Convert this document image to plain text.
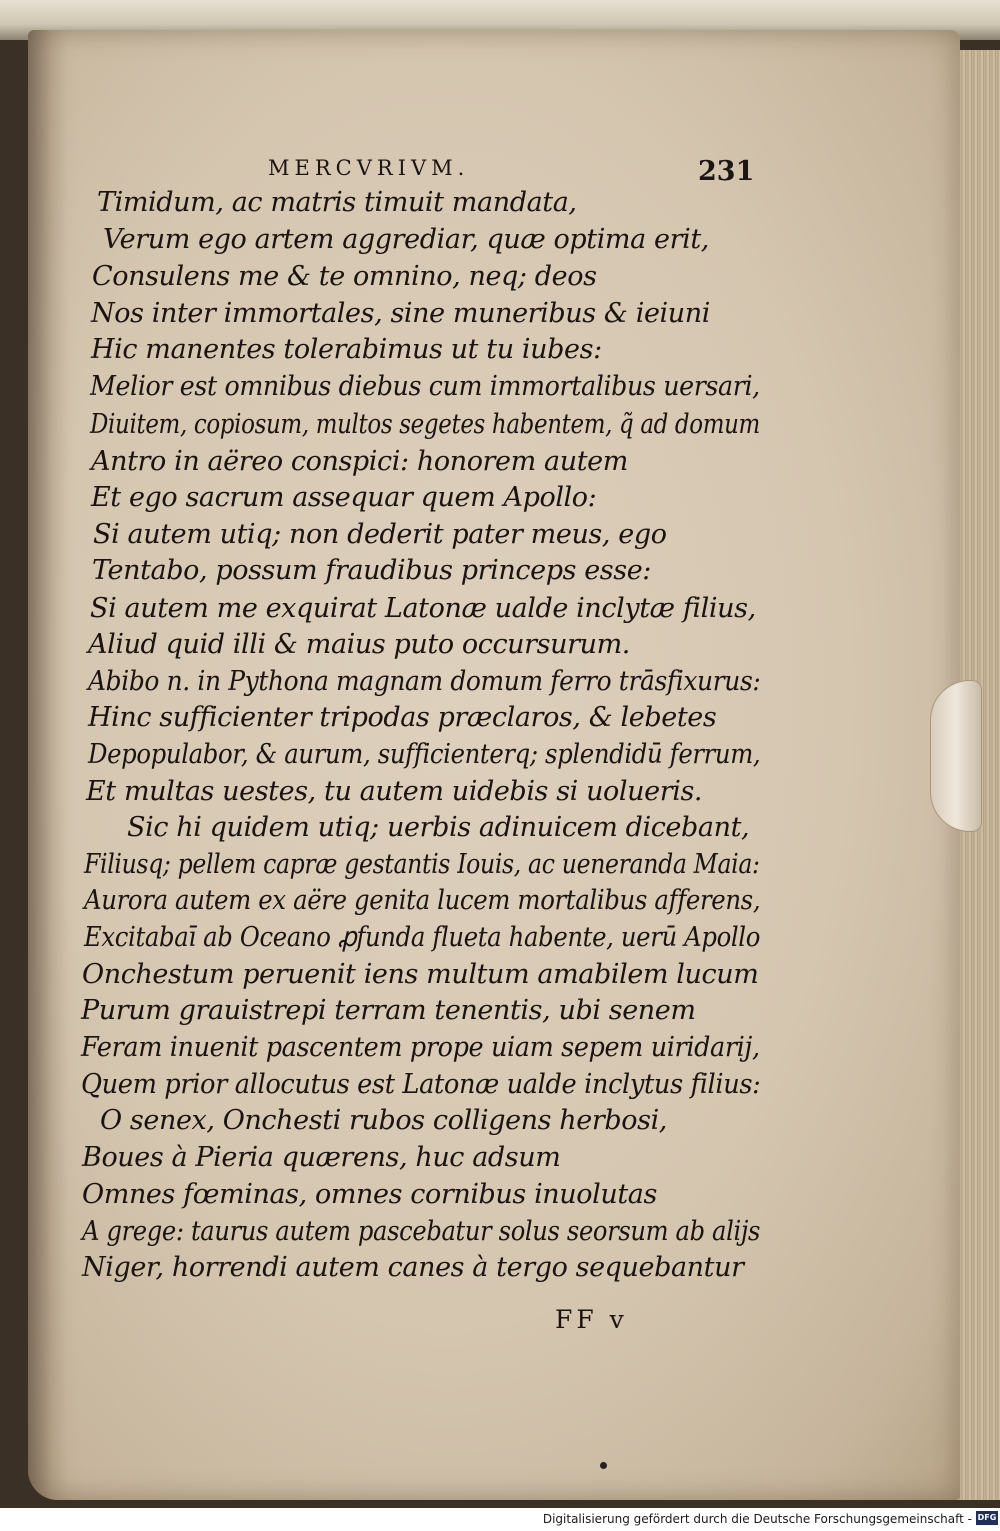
MERCVRIVM.	231
Timidum, ac matris timuit mandata,
Verum ego artem aggrediar, quæ optima erit,
Consulens me & te omnino, neq; deos
Nos inter immortales, sine muneribus & ieiuni
Hic manentes tolerabimus ut tu iubes:
Melior est omnibus diebus cum immortalibus uersari,
Diuitem, copiosum, multos segetes habentem, q̃ ad domum
Antro in aëreo conspici: honorem autem
Et ego sacrum assequar quem Apollo:
Si autem utiq; non dederit pater meus, ego
Tentabo, possum fraudibus princeps esse:
Si autem me exquirat Latonæ ualde inclytæ filius,
Aliud quid illi & maius puto occursurum.
Abibo n. in Pythona magnam domum ferro trāsfixurus:
Hinc sufficienter tripodas præclaros, & lebetes
Depopulabor, & aurum, sufficienterq; splendidū ferrum,
Et multas uestes, tu autem uidebis si uolueris.
Sic hi quidem utiq; uerbis adinuicem dicebant,
Filiusq; pellem capræ gestantis Iouis, ac ueneranda Maia:
Aurora autem ex aëre genita lucem mortalibus afferens,
Excitabaī ab Oceano ꝓfunda flueta habente, uerū Apollo
Onchestum peruenit iens multum amabilem lucum
Purum grauistrepi terram tenentis, ubi senem
Feram inuenit pascentem prope uiam sepem uiridarij,
Quem prior allocutus est Latonæ ualde inclytus filius:
O senex, Onchesti rubos colligens herbosi,
Boues à Pieria quærens, huc adsum
Omnes fœminas, omnes cornibus inuolutas
A grege: taurus autem pascebatur solus seorsum ab alijs
Niger, horrendi autem canes à tergo sequebantur
FF v
Digitalisierung gefördert durch die Deutsche Forschungsgemeinschaft - DFG
